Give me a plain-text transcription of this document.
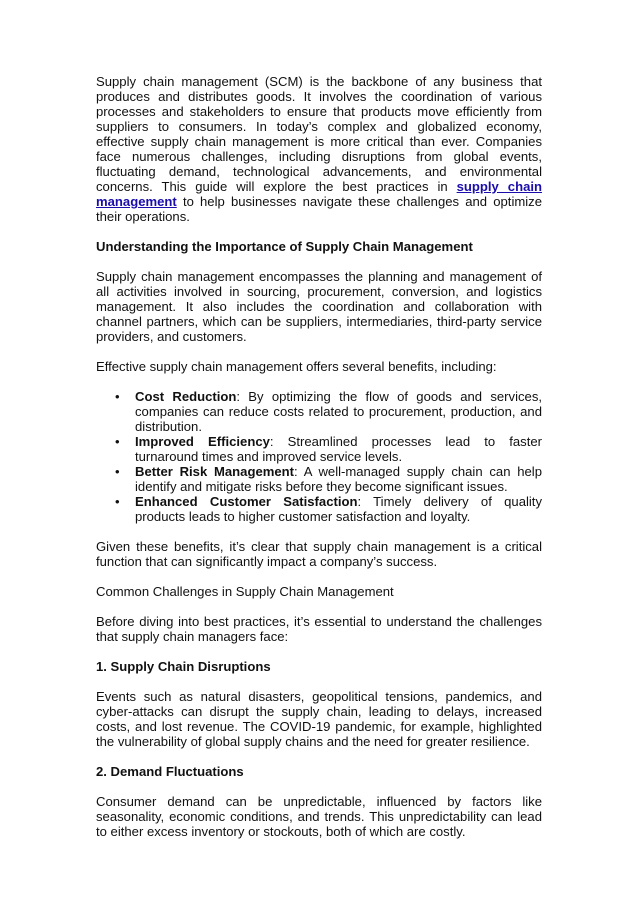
Supply chain management (SCM) is the backbone of any business that produces and distributes goods. It involves the coordination of various processes and stakeholders to ensure that products move efficiently from suppliers to consumers. In today’s complex and globalized economy, effective supply chain management is more critical than ever. Companies face numerous challenges, including disruptions from global events, fluctuating demand, technological advancements, and environmental concerns. This guide will explore the best practices in supply chain management to help businesses navigate these challenges and optimize their operations.

Understanding the Importance of Supply Chain Management

Supply chain management encompasses the planning and management of all activities involved in sourcing, procurement, conversion, and logistics management. It also includes the coordination and collaboration with channel partners, which can be suppliers, intermediaries, third-party service providers, and customers.

Effective supply chain management offers several benefits, including:

• Cost Reduction: By optimizing the flow of goods and services, companies can reduce costs related to procurement, production, and distribution.
• Improved Efficiency: Streamlined processes lead to faster turnaround times and improved service levels.
• Better Risk Management: A well-managed supply chain can help identify and mitigate risks before they become significant issues.
• Enhanced Customer Satisfaction: Timely delivery of quality products leads to higher customer satisfaction and loyalty.

Given these benefits, it’s clear that supply chain management is a critical function that can significantly impact a company’s success.

Common Challenges in Supply Chain Management

Before diving into best practices, it’s essential to understand the challenges that supply chain managers face:

1. Supply Chain Disruptions

Events such as natural disasters, geopolitical tensions, pandemics, and cyber-attacks can disrupt the supply chain, leading to delays, increased costs, and lost revenue. The COVID-19 pandemic, for example, highlighted the vulnerability of global supply chains and the need for greater resilience.

2. Demand Fluctuations

Consumer demand can be unpredictable, influenced by factors like seasonality, economic conditions, and trends. This unpredictability can lead to either excess inventory or stockouts, both of which are costly.
